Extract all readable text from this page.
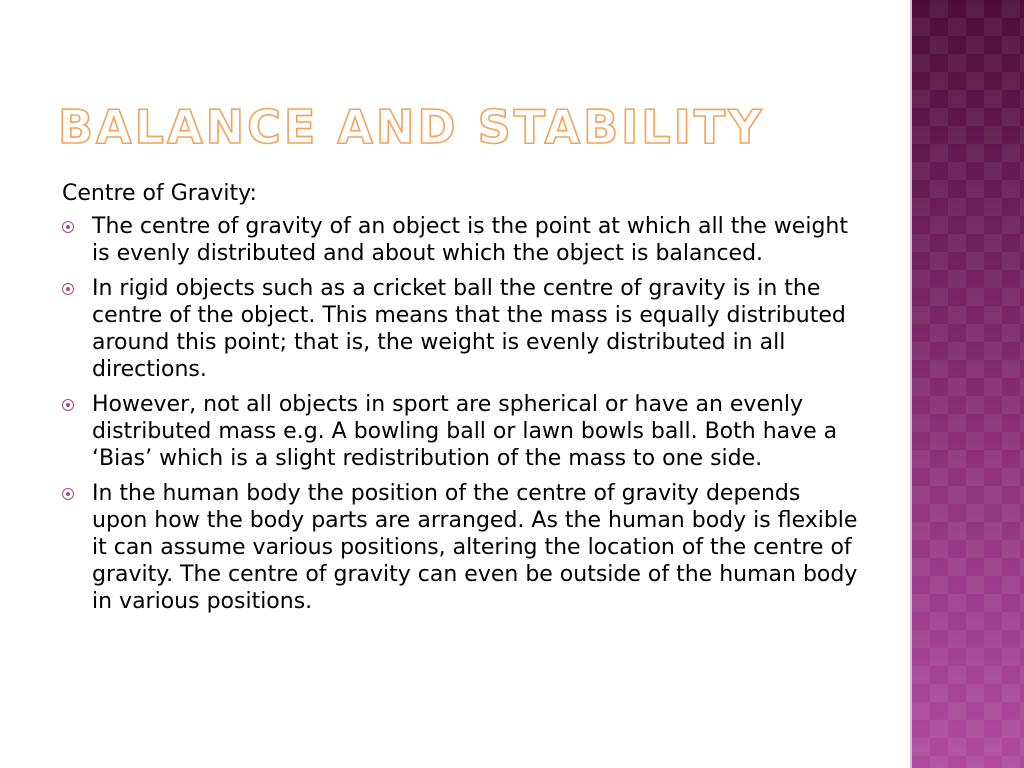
BALANCE AND STABILITY

Centre of Gravity:

The centre of gravity of an object is the point at which all the weight is evenly distributed and about which the object is balanced.
In rigid objects such as a cricket ball the centre of gravity is in the centre of the object. This means that the mass is equally distributed around this point; that is, the weight is evenly distributed in all directions.
However, not all objects in sport are spherical or have an evenly distributed mass e.g. A bowling ball or lawn bowls ball. Both have a ‘Bias’ which is a slight redistribution of the mass to one side.
In the human body the position of the centre of gravity depends upon how the body parts are arranged. As the human body is flexible it can assume various positions, altering the location of the centre of gravity. The centre of gravity can even be outside of the human body in various positions.
